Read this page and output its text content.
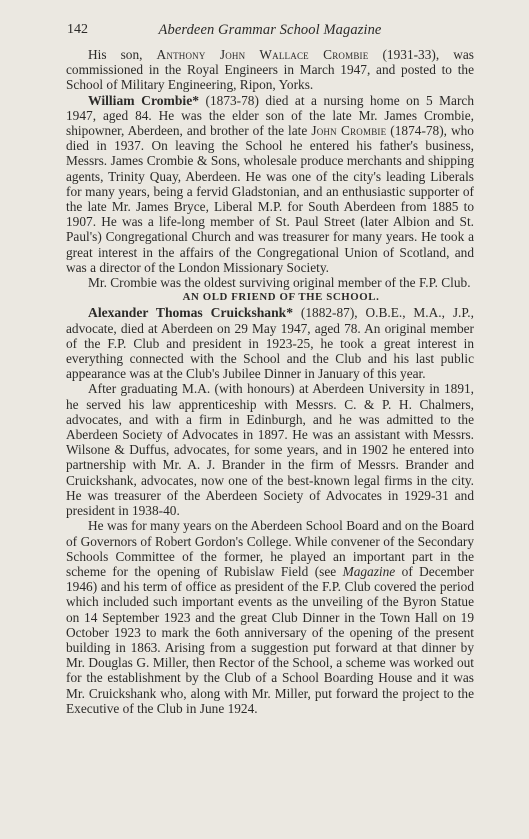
142	Aberdeen Grammar School Magazine

His son, Anthony John Wallace Crombie (1931-33), was commissioned in the Royal Engineers in March 1947, and posted to the School of Military Engineering, Ripon, Yorks.

William Crombie* (1873-78) died at a nursing home on 5 March 1947, aged 84. He was the elder son of the late Mr. James Crombie, shipowner, Aberdeen, and brother of the late John Crombie (1874-78), who died in 1937. On leaving the School he entered his father's business, Messrs. James Crombie & Sons, wholesale produce merchants and shipping agents, Trinity Quay, Aberdeen. He was one of the city's leading Liberals for many years, being a fervid Gladstonian, and an enthusiastic supporter of the late Mr. James Bryce, Liberal M.P. for South Aberdeen from 1885 to 1907. He was a life-long member of St. Paul Street (later Albion and St. Paul's) Congregational Church and was treasurer for many years. He took a great interest in the affairs of the Congregational Union of Scotland, and was a director of the London Missionary Society.

Mr. Crombie was the oldest surviving original member of the F.P. Club.

AN OLD FRIEND OF THE SCHOOL.

Alexander Thomas Cruickshank* (1882-87), O.B.E., M.A., J.P., advocate, died at Aberdeen on 29 May 1947, aged 78. An original member of the F.P. Club and president in 1923-25, he took a great interest in everything connected with the School and the Club and his last public appearance was at the Club's Jubilee Dinner in January of this year.

After graduating M.A. (with honours) at Aberdeen University in 1891, he served his law apprenticeship with Messrs. C. & P. H. Chalmers, advocates, and with a firm in Edinburgh, and he was admitted to the Aberdeen Society of Advocates in 1897. He was an assistant with Messrs. Wilsone & Duffus, advocates, for some years, and in 1902 he entered into partnership with Mr. A. J. Brander in the firm of Messrs. Brander and Cruickshank, advocates, now one of the best-known legal firms in the city. He was treasurer of the Aberdeen Society of Advocates in 1929-31 and president in 1938-40.

He was for many years on the Aberdeen School Board and on the Board of Governors of Robert Gordon's College. While convener of the Secondary Schools Committee of the former, he played an important part in the scheme for the opening of Rubislaw Field (see Magazine of December 1946) and his term of office as president of the F.P. Club covered the period which included such important events as the unveiling of the Byron Statue on 14 September 1923 and the great Club Dinner in the Town Hall on 19 October 1923 to mark the 6oth anniversary of the opening of the present building in 1863. Arising from a suggestion put forward at that dinner by Mr. Douglas G. Miller, then Rector of the School, a scheme was worked out for the establishment by the Club of a School Boarding House and it was Mr. Cruickshank who, along with Mr. Miller, put forward the project to the Executive of the Club in June 1924.
